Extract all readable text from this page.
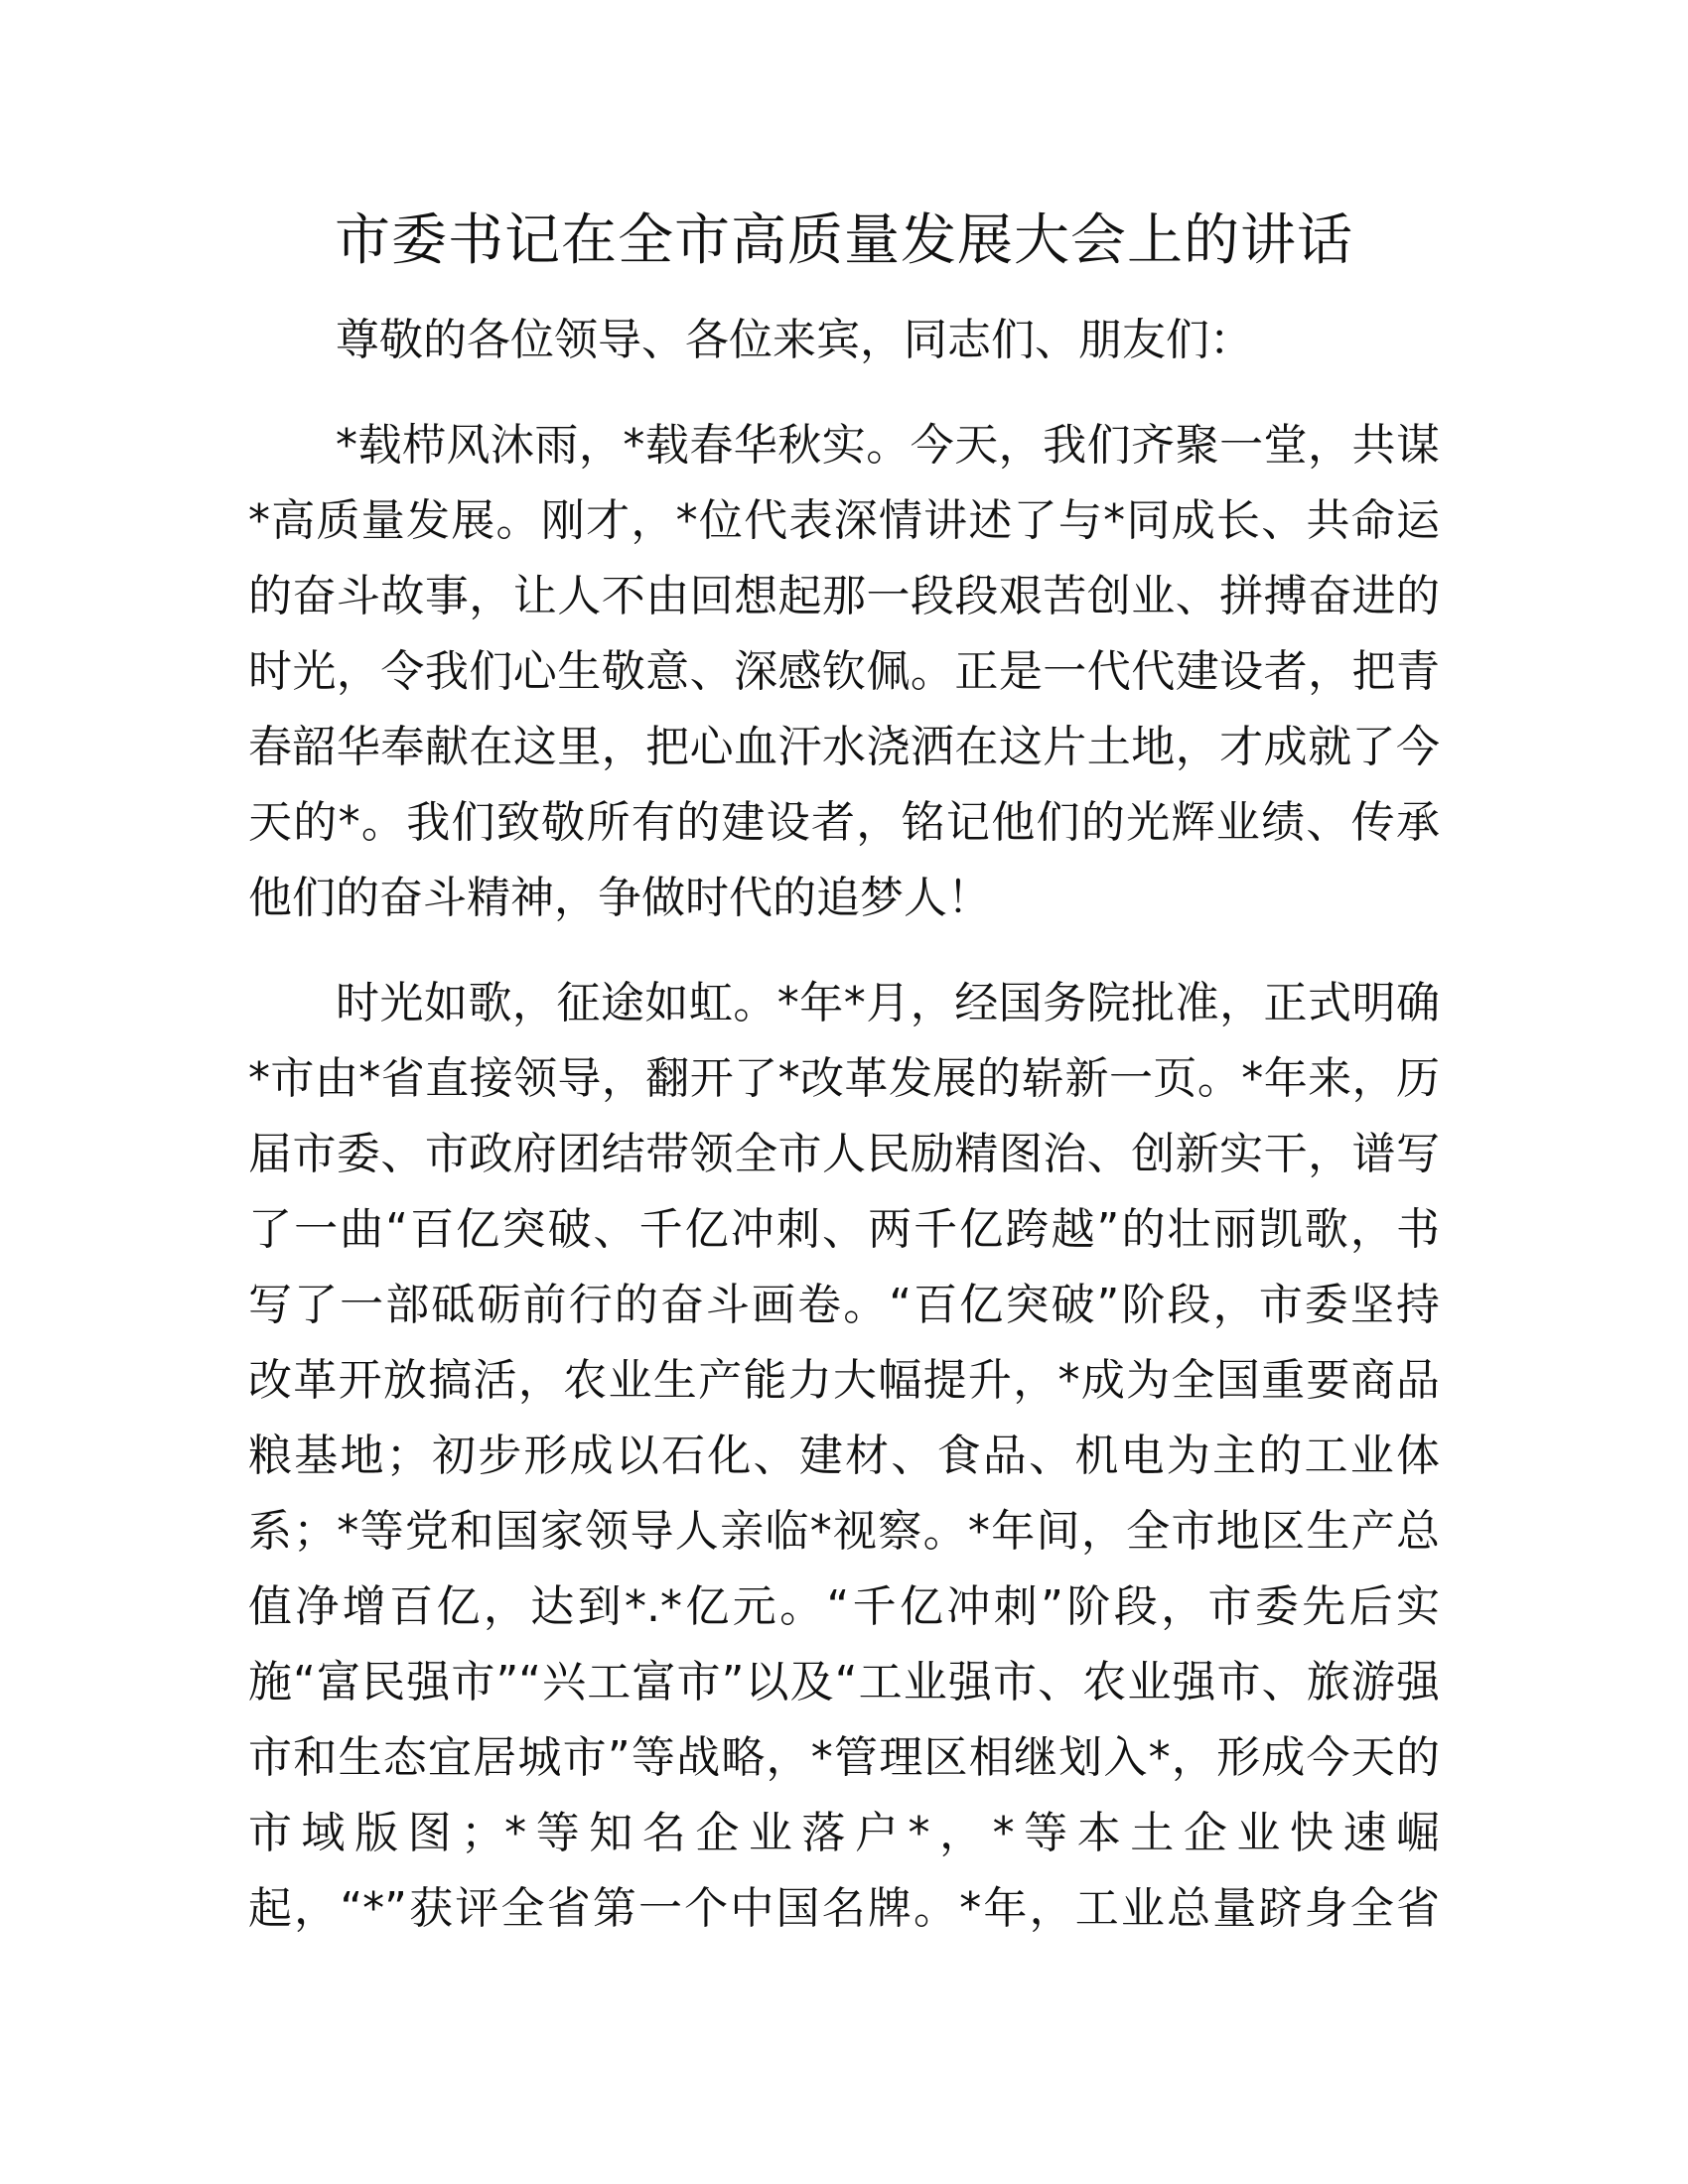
市委书记在全市高质量发展大会上的讲话
尊敬的各位领导、各位来宾，同志们、朋友们：
*载栉风沐雨，*载春华秋实。今天，我们齐聚一堂，共谋
*高质量发展。刚才，*位代表深情讲述了与*同成长、共命运
的奋斗故事，让人不由回想起那一段段艰苦创业、拼搏奋进的
时光，令我们心生敬意、深感钦佩。正是一代代建设者，把青
春韶华奉献在这里，把心血汗水浇洒在这片土地，才成就了今
天的*。我们致敬所有的建设者，铭记他们的光辉业绩、传承
他们的奋斗精神，争做时代的追梦人！
时光如歌，征途如虹。*年*月，经国务院批准，正式明确
*市由*省直接领导，翻开了*改革发展的崭新一页。*年来，历
届市委、市政府团结带领全市人民励精图治、创新实干，谱写
了一曲“百亿突破、千亿冲刺、两千亿跨越”的壮丽凯歌，书
写了一部砥砺前行的奋斗画卷。“百亿突破”阶段，市委坚持
改革开放搞活，农业生产能力大幅提升，*成为全国重要商品
粮基地；初步形成以石化、建材、食品、机电为主的工业体
系；*等党和国家领导人亲临*视察。*年间，全市地区生产总
值净增百亿，达到*.*亿元。“千亿冲刺”阶段，市委先后实
施“富民强市”“兴工富市”以及“工业强市、农业强市、旅游强
市和生态宜居城市”等战略，*管理区相继划入*，形成今天的
市域版图；*等知名企业落户*，*等本土企业快速崛
起，“*”获评全省第一个中国名牌。*年，工业总量跻身全省
